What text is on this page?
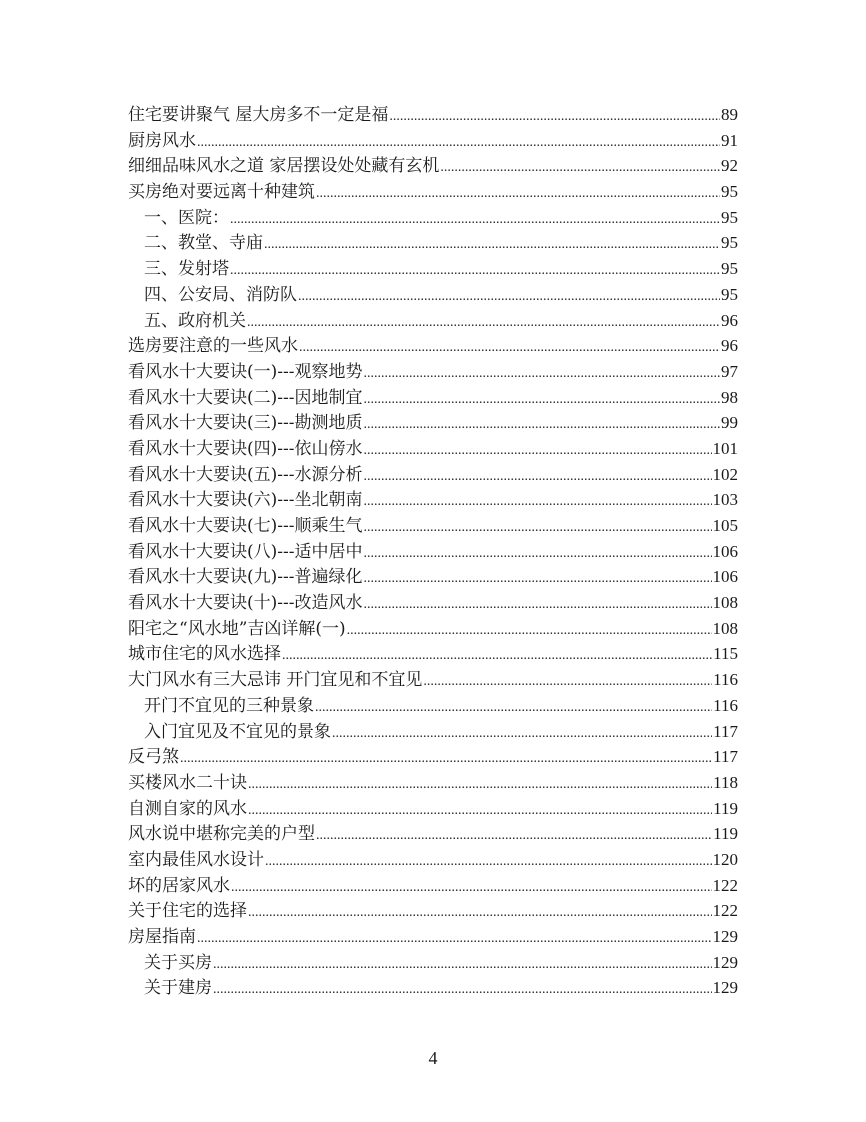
住宅要讲聚气 屋大房多不一定是福 .....	89
厨房风水 .....	91
细细品味风水之道 家居摆设处处藏有玄机 .....	92
买房绝对要远离十种建筑 .....	95
一、医院： .....	95
二、教堂、寺庙 .....	95
三、发射塔 .....	95
四、公安局、消防队 .....	95
五、政府机关 .....	96
选房要注意的一些风水 .....	96
看风水十大要诀(一)---观察地势 .....	97
看风水十大要诀(二)---因地制宜 .....	98
看风水十大要诀(三)---勘测地质 .....	99
看风水十大要诀(四)---依山傍水 .....	101
看风水十大要诀(五)---水源分析 .....	102
看风水十大要诀(六)---坐北朝南 .....	103
看风水十大要诀(七)---顺乘生气 .....	105
看风水十大要诀(八)---适中居中 .....	106
看风水十大要诀(九)---普遍绿化 .....	106
看风水十大要诀(十)---改造风水 .....	108
阳宅之“风水地”吉凶详解(一) .....	108
城市住宅的风水选择 .....	115
大门风水有三大忌讳 开门宜见和不宜见 .....	116
开门不宜见的三种景象 .....	116
入门宜见及不宜见的景象 .....	117
反弓煞 .....	117
买楼风水二十诀 .....	118
自测自家的风水 .....	119
风水说中堪称完美的户型 .....	119
室内最佳风水设计 .....	120
坏的居家风水 .....	122
关于住宅的选择 .....	122
房屋指南 .....	129
关于买房 .....	129
关于建房 .....	129
4
